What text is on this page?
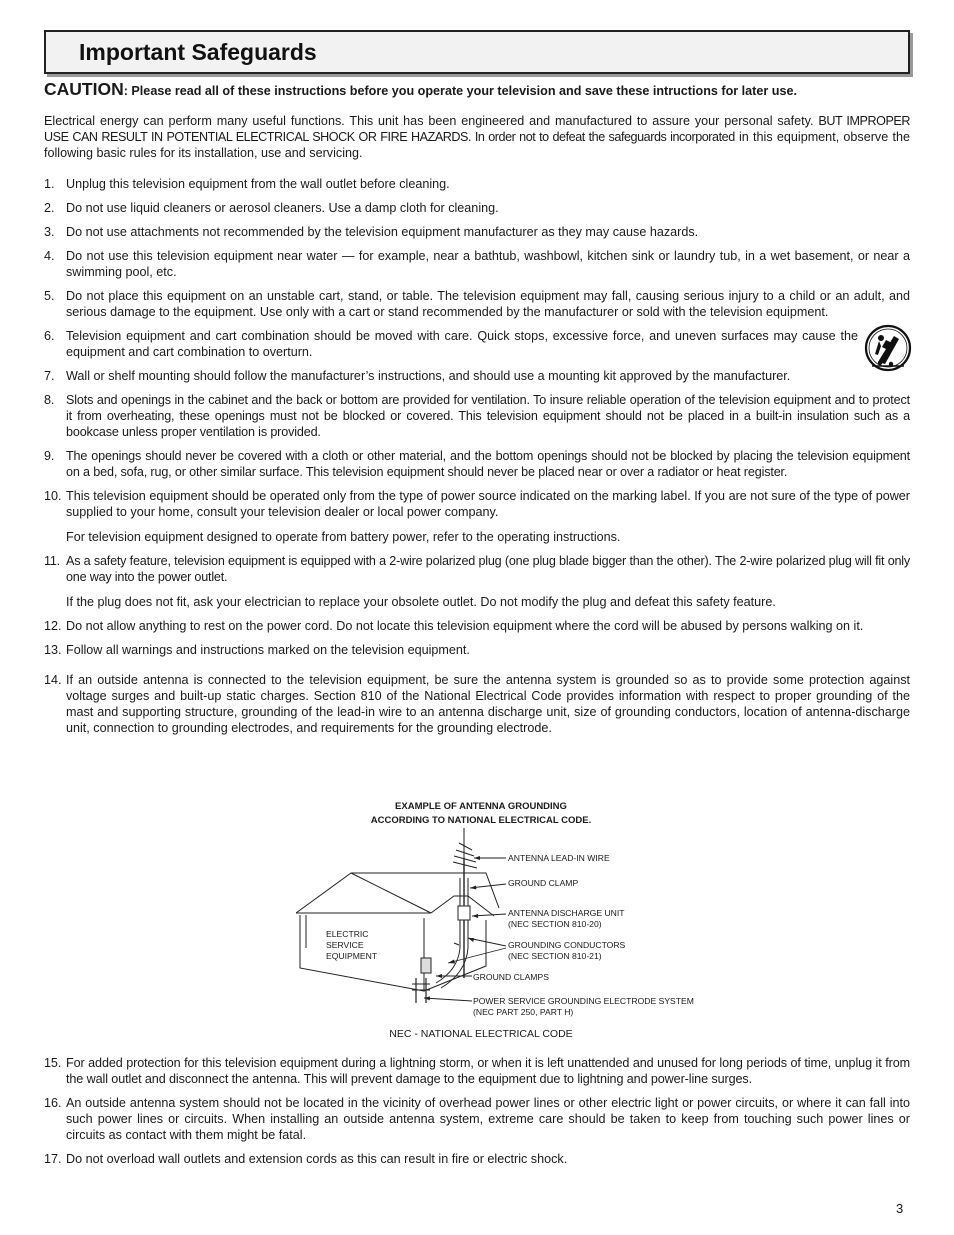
Important Safeguards
CAUTION: Please read all of these instructions before you operate your television and save these intructions for later use.
Electrical energy can perform many useful functions. This unit has been engineered and manufactured to assure your personal safety. BUT IMPROPER USE CAN RESULT IN POTENTIAL ELECTRICAL SHOCK OR FIRE HAZARDS. In order not to defeat the safeguards incorporated in this equipment, observe the following basic rules for its installation, use and servicing.
1. Unplug this television equipment from the wall outlet before cleaning.

2. Do not use liquid cleaners or aerosol cleaners. Use a damp cloth for cleaning.

3. Do not use attachments not recommended by the television equipment manufacturer as they may cause hazards.

4. Do not use this television equipment near water — for example, near a bathtub, washbowl, kitchen sink or laundry tub, in a wet basement, or near a swimming pool, etc.

5. Do not place this equipment on an unstable cart, stand, or table. The television equipment may fall, causing serious injury to a child or an adult, and serious damage to the equipment. Use only with a cart or stand recommended by the manufacturer or sold with the television equipment.

6. Television equipment and cart combination should be moved with care. Quick stops, excessive force, and uneven surfaces may cause the equipment and cart combination to overturn.

7. Wall or shelf mounting should follow the manufacturer’s instructions, and should use a mounting kit approved by the manufacturer.

8. Slots and openings in the cabinet and the back or bottom are provided for ventilation. To insure reliable operation of the television equipment and to protect it from overheating, these openings must not be blocked or covered. This television equipment should not be placed in a built-in insulation such as a bookcase unless proper ventilation is provided.

9. The openings should never be covered with a cloth or other material, and the bottom openings should not be blocked by placing the television equipment on a bed, sofa, rug, or other similar surface. This television equipment should never be placed near or over a radiator or heat register.

10. This television equipment should be operated only from the type of power source indicated on the marking label. If you are not sure of the type of power supplied to your home, consult your television dealer or local power company.

For television equipment designed to operate from battery power, refer to the operating instructions.

11. As a safety feature, television equipment is equipped with a 2-wire polarized plug (one plug blade bigger than the other). The 2-wire polarized plug will fit only one way into the power outlet.

If the plug does not fit, ask your electrician to replace your obsolete outlet. Do not modify the plug and defeat this safety feature.

12. Do not allow anything to rest on the power cord. Do not locate this television equipment where the cord will be abused by persons walking on it.

13. Follow all warnings and instructions marked on the television equipment.

14. If an outside antenna is connected to the television equipment, be sure the antenna system is grounded so as to provide some protection against voltage surges and built-up static charges. Section 810 of the National Electrical Code provides information with respect to proper grounding of the mast and supporting structure, grounding of the lead-in wire to an antenna discharge unit, size of grounding conductors, location of antenna-discharge unit, connection to grounding electrodes, and requirements for the grounding electrode.

EXAMPLE OF ANTENNA GROUNDING
ACCORDING TO NATIONAL ELECTRICAL CODE.
ANTENNA LEAD-IN WIRE
GROUND CLAMP
ANTENNA DISCHARGE UNIT
(NEC SECTION 810-20)
GROUNDING CONDUCTORS
(NEC SECTION 810-21)
ELECTRIC
SERVICE
EQUIPMENT
GROUND CLAMPS
POWER SERVICE GROUNDING ELECTRODE SYSTEM
(NEC PART 250, PART H)
NEC - NATIONAL ELECTRICAL CODE
15. For added protection for this television equipment during a lightning storm, or when it is left unattended and unused for long periods of time, unplug it from the wall outlet and disconnect the antenna. This will prevent damage to the equipment due to lightning and power-line surges.

16. An outside antenna system should not be located in the vicinity of overhead power lines or other electric light or power circuits, or where it can fall into such power lines or circuits. When installing an outside antenna system, extreme care should be taken to keep from touching such power lines or circuits as contact with them might be fatal.

17. Do not overload wall outlets and extension cords as this can result in fire or electric shock.

3
